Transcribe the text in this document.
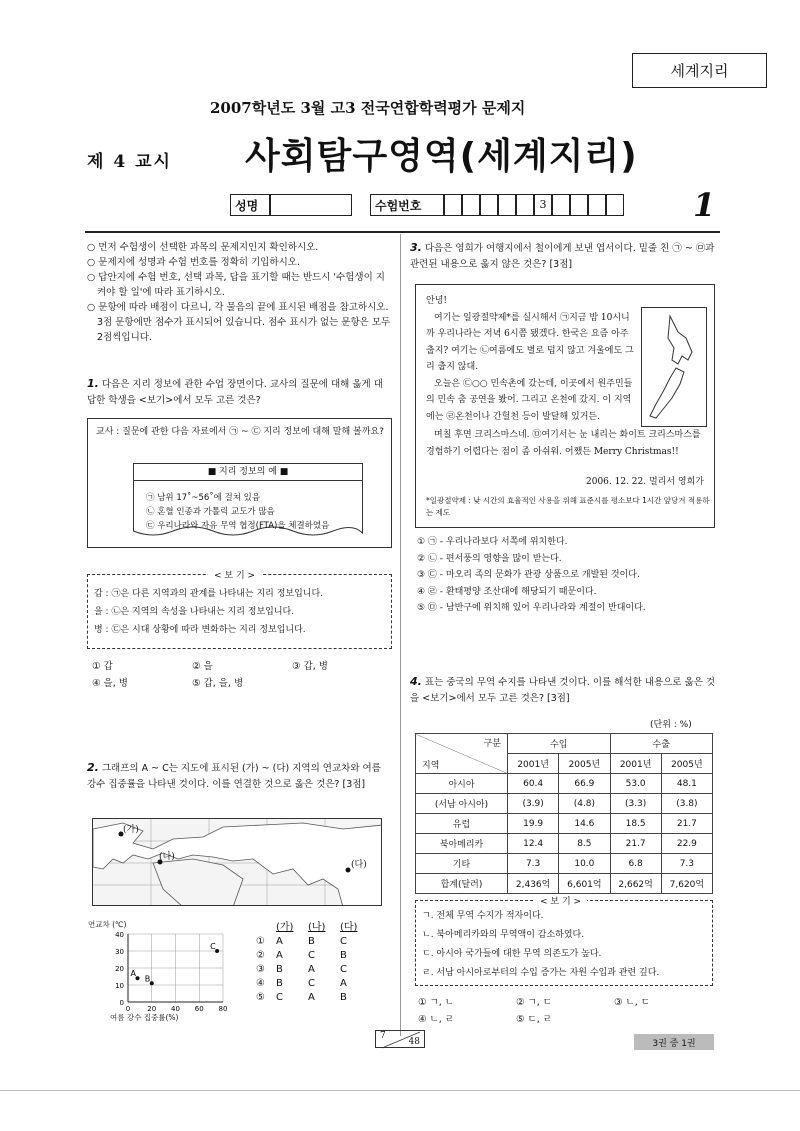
세계지리
2007학년도 3월 고3 전국연합학력평가 문제지
제 4 교시 사회탐구영역(세계지리)
성명	수험번호	3	1
○ 먼저 수험생이 선택한 과목의 문제지인지 확인하시오.
○ 문제지에 성명과 수험 번호를 정확히 기입하시오.
○ 답안지에 수험 번호, 선택 과목, 답을 표기할 때는 반드시 '수험생이 지켜야 할 일'에 따라 표기하시오.
○ 문항에 따라 배점이 다르니, 각 물음의 끝에 표시된 배점을 참고하시오. 3점 문항에만 점수가 표시되어 있습니다. 점수 표시가 없는 문항은 모두 2점씩입니다.
1. 다음은 지리 정보에 관한 수업 장면이다. 교사의 질문에 대해 옳게 대답한 학생을 <보기>에서 모두 고른 것은?
교사 : 질문에 관한 다음 자료에서 ㉠ ~ ㉢ 지리 정보에 대해 말해 볼까요?
■ 지리 정보의 예 ■
㉠ 남위 17˚~56˚에 걸쳐 있음
㉡ 혼혈 인종과 가톨릭 교도가 많음
㉢ 우리나라와 자유 무역 협정(FTA)을 체결하였음
< 보 기 >
갑 : ㉠은 다른 지역과의 관계를 나타내는 지리 정보입니다.
을 : ㉡은 지역의 속성을 나타내는 지리 정보입니다.
병 : ㉢은 시대 상황에 따라 변화하는 지리 정보입니다.
① 갑	② 을	③ 갑, 병
④ 을, 병	⑤ 갑, 을, 병
2. 그래프의 A ~ C는 지도에 표시된 (가) ~ (다) 지역의 연교차와 여름 강수 집중률을 나타낸 것이다. 이를 연결한 것으로 옳은 것은? [3점]
(가)
(나)
(다)
연교차 (℃)
40
30
20
10
0
0 20 40 60 80
A
B
C
여름 강수 집중률(%)
(가)	(나)	(다)
①	A	B	C
②	A	C	B
③	B	A	C
④	B	C	A
⑤	C	A	B
3. 다음은 영희가 여행지에서 철이에게 보낸 엽서이다. 밑줄 친 ㉠ ~ ㉤과 관련된 내용으로 옳지 않은 것은? [3점]
안녕!
여기는 일광절약제*를 실시해서 ㉠지금 밤 10시니까 우리나라는 저녁 6시쯤 됐겠다. 한국은 요즘 아주 춥지? 여기는 ㉡여름에도 별로 덥지 않고 겨울에도 그리 춥지 않대.
오늘은 ㉢○○ 민속촌에 갔는데, 이곳에서 원주민들의 민속 춤 공연을 봤어. 그리고 온천에 갔지. 이 지역에는 ㉣온천이나 간헐천 등이 발달해 있거든.
며칠 후면 크리스마스네. ㉤여기서는 눈 내리는 화이트 크리스마스를 경험하기 어렵다는 점이 좀 아쉬워. 어쨌든 Merry Christmas!!
2006. 12. 22. 멀리서 영희가
*일광절약제 : 낮 시간의 효율적인 사용을 위해 표준시를 평소보다 1시간 앞당겨 적용하는 제도
① ㉠ - 우리나라보다 서쪽에 위치한다.
② ㉡ - 편서풍의 영향을 많이 받는다.
③ ㉢ - 마오리 족의 문화가 관광 상품으로 개발된 것이다.
④ ㉣ - 환태평양 조산대에 해당되기 때문이다.
⑤ ㉤ - 남반구에 위치해 있어 우리나라와 계절이 반대이다.
4. 표는 중국의 무역 수지를 나타낸 것이다. 이를 해석한 내용으로 옳은 것을 <보기>에서 모두 고른 것은? [3점]
(단위 : %)
구분
지역	수입		수출	
	2001년	2005년	2001년	2005년
아시아	60.4	66.9	53.0	48.1
(서남 아시아)	(3.9)	(4.8)	(3.3)	(3.8)
유럽	19.9	14.6	18.5	21.7
북아메리카	12.4	8.5	21.7	22.9
기타	7.3	10.0	6.8	7.3
합계(달러)	2,436억	6,601억	2,662억	7,620억
< 보 기 >
ㄱ. 전체 무역 수지가 적자이다.
ㄴ. 북아메리카와의 무역액이 감소하였다.
ㄷ. 아시아 국가들에 대한 무역 의존도가 높다.
ㄹ. 서남 아시아로부터의 수입 증가는 자원 수입과 관련 깊다.
① ㄱ, ㄴ	② ㄱ, ㄷ	③ ㄴ, ㄷ
④ ㄴ, ㄹ	⑤ ㄷ, ㄹ
7
48	3권 중 1권
